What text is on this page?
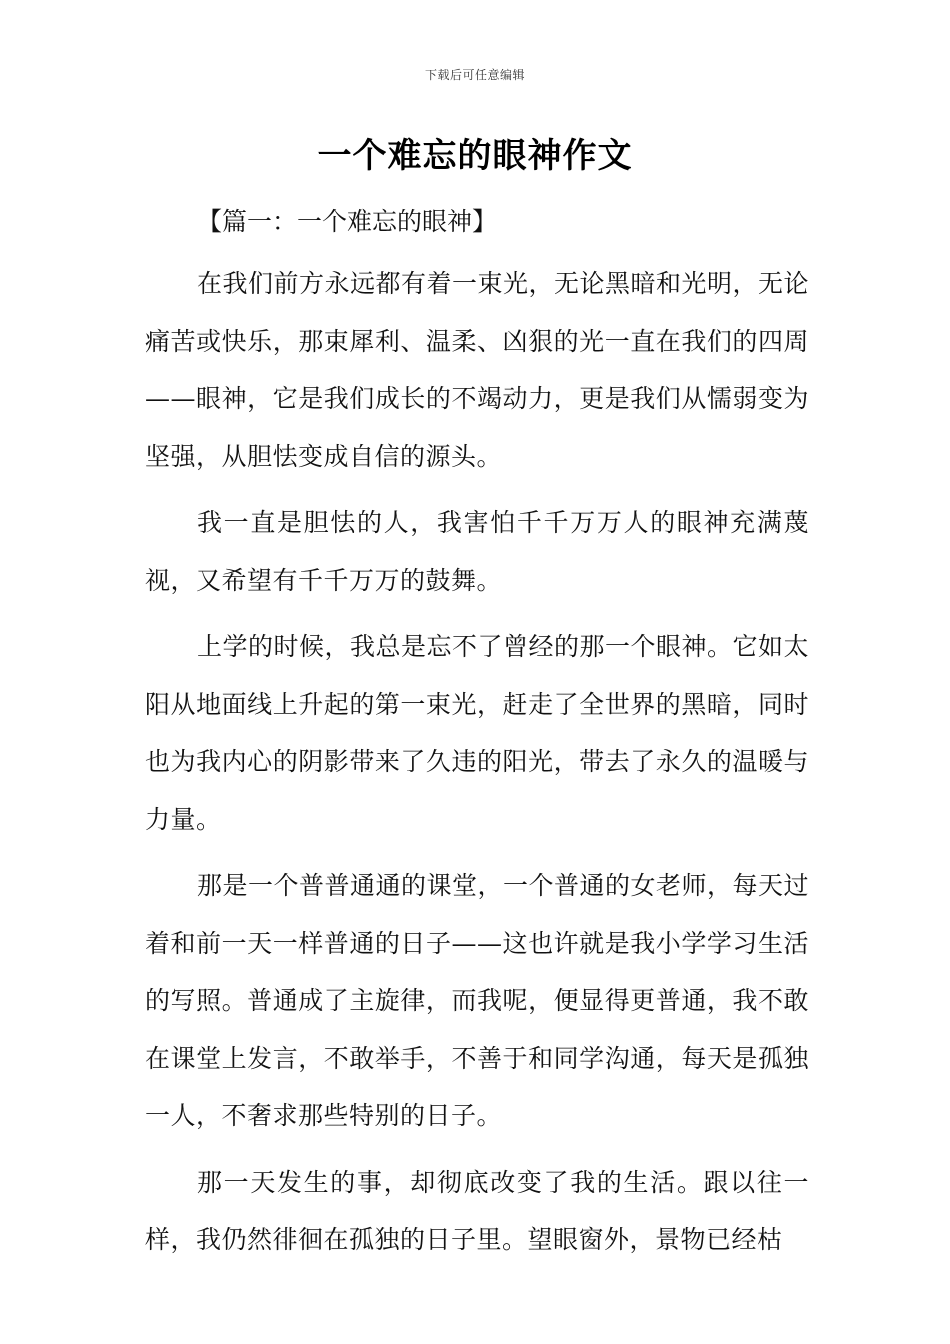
下载后可任意编辑
一个难忘的眼神作文

【篇一：一个难忘的眼神】

在我们前方永远都有着一束光，无论黑暗和光明，无论痛苦或快乐，那束犀利、温柔、凶狠的光一直在我们的四周——眼神，它是我们成长的不竭动力，更是我们从懦弱变为坚强，从胆怯变成自信的源头。

我一直是胆怯的人，我害怕千千万万人的眼神充满蔑视，又希望有千千万万的鼓舞。

上学的时候，我总是忘不了曾经的那一个眼神。它如太阳从地面线上升起的第一束光，赶走了全世界的黑暗，同时也为我内心的阴影带来了久违的阳光，带去了永久的温暖与力量。

那是一个普普通通的课堂，一个普通的女老师，每天过着和前一天一样普通的日子——这也许就是我小学学习生活的写照。普通成了主旋律，而我呢，便显得更普通，我不敢在课堂上发言，不敢举手，不善于和同学沟通，每天是孤独一人，不奢求那些特别的日子。

那一天发生的事，却彻底改变了我的生活。跟以往一样，我仍然徘徊在孤独的日子里。望眼窗外，景物已经枯
